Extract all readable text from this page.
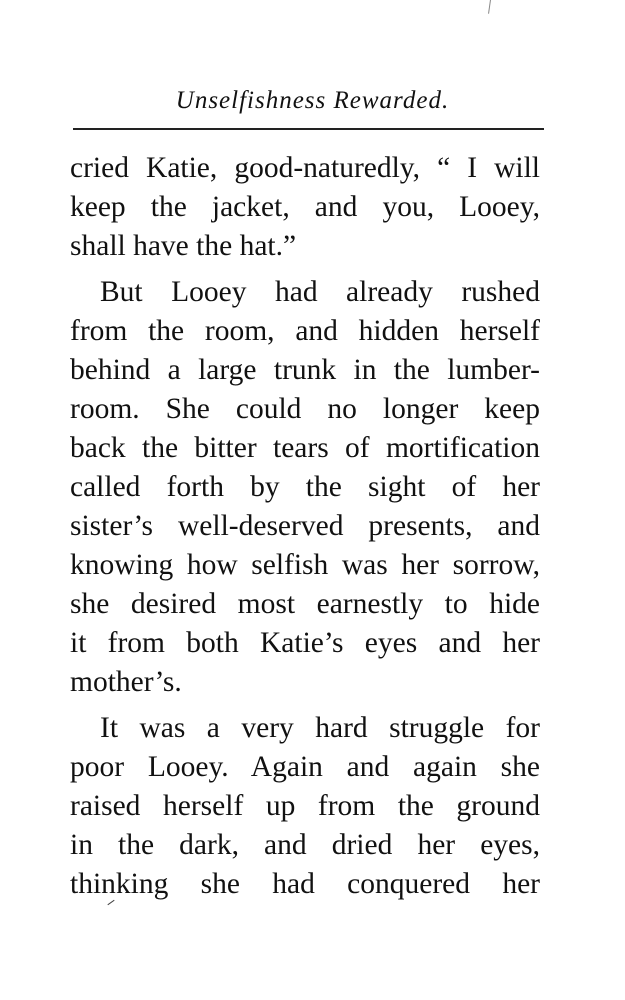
Unselfishness Rewarded.
cried Katie, good-naturedly, “ I will
keep the jacket, and you, Looey,
shall have the hat.”
But Looey had already rushed
from the room, and hidden herself
behind a large trunk in the lumber-
room. She could no longer keep
back the bitter tears of mortification
called forth by the sight of her
sister’s well-deserved presents, and
knowing how selfish was her sorrow,
she desired most earnestly to hide
it from both Katie’s eyes and her
mother’s.
It was a very hard struggle for
poor Looey. Again and again she
raised herself up from the ground
in the dark, and dried her eyes,
thinking she had conquered her
